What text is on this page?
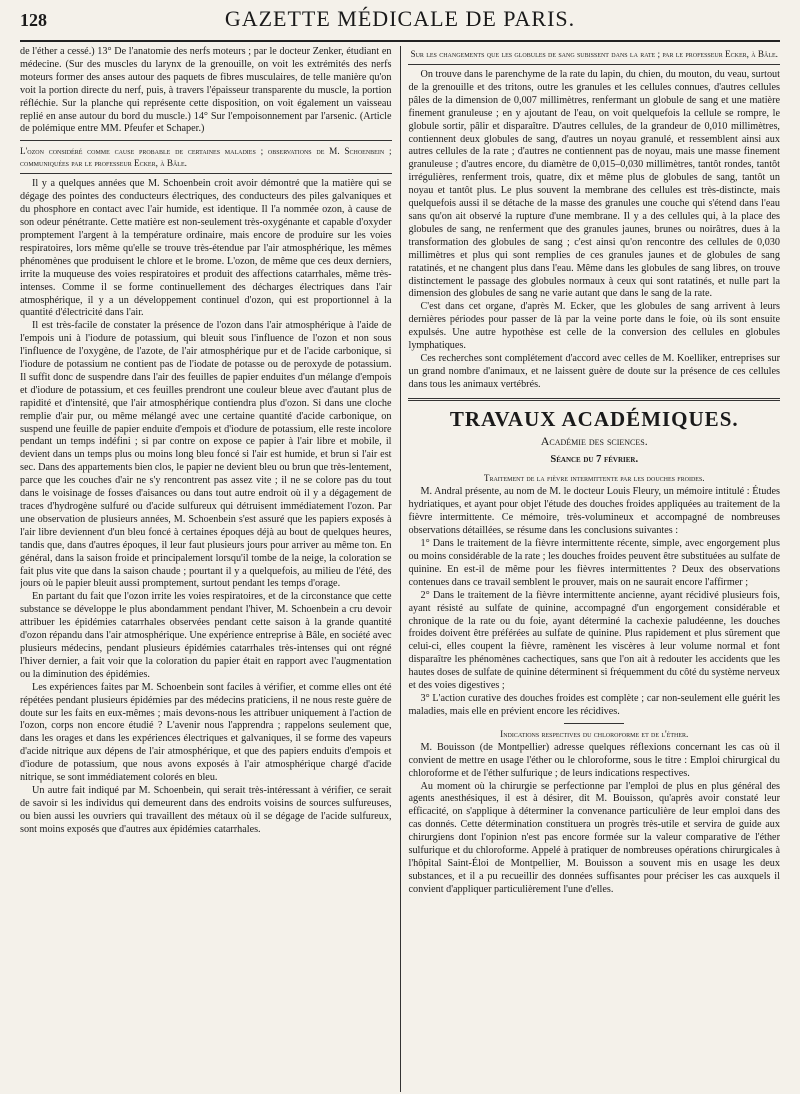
128	GAZETTE MÉDICALE DE PARIS.

de l'éther a cessé.) 13° De l'anatomie des nerfs moteurs ; par le docteur Zenker, étudiant en médecine. (Sur des muscles du larynx de la grenouille, on voit les extrémités des nerfs moteurs former des anses autour des paquets de fibres musculaires, de telle manière qu'on voit la portion directe du nerf, puis, à travers l'épaisseur transparente du muscle, la portion réfléchie. Sur la planche qui représente cette disposition, on voit également un vaisseau replié en anse autour du bord du muscle.) 14° Sur l'empoisonnement par l'arsenic. (Article de polémique entre MM. Pfeufer et Schaper.)

L'ozon considéré comme cause probable de certaines maladies ; observations de M. Schoenbein ; communiquées par le professeur Ecker, à Bâle.

Il y a quelques années que M. Schoenbein croit avoir démontré que la matière qui se dégage des pointes des conducteurs électriques, des conducteurs des piles galvaniques et du phosphore en contact avec l'air humide, est identique. Il l'a nommée ozon, à cause de son odeur pénétrante. Cette matière est non-seulement très-oxygénante et capable d'oxyder promptement l'argent à la température ordinaire, mais encore de produire sur les voies respiratoires, lors même qu'elle se trouve très-étendue par l'air atmosphérique, les mêmes phénomènes que produisent le chlore et le brome. L'ozon, de même que ces deux derniers, irrite la muqueuse des voies respiratoires et produit des affections catarrhales, même très-intenses. Comme il se forme continuellement des décharges électriques dans l'air atmosphérique, il y a un développement continuel d'ozon, qui est proportionnel à la quantité d'électricité dans l'air.

Il est très-facile de constater la présence de l'ozon dans l'air atmosphérique à l'aide de l'empois uni à l'iodure de potassium, qui bleuit sous l'influence de l'ozon et non sous l'influence de l'oxygène, de l'azote, de l'air atmosphérique pur et de l'acide carbonique, si l'iodure de potassium ne contient pas de l'iodate de potasse ou de peroxyde de potassium. Il suffit donc de suspendre dans l'air des feuilles de papier enduites d'un mélange d'empois et d'iodure de potassium, et ces feuilles prendront une couleur bleue avec d'autant plus de rapidité et d'intensité, que l'air atmosphérique contiendra plus d'ozon. Si dans une cloche remplie d'air pur, ou même mélangé avec une certaine quantité d'acide carbonique, on suspend une feuille de papier enduite d'empois et d'iodure de potassium, elle reste incolore pendant un temps indéfini ; si par contre on expose ce papier à l'air libre et mobile, il devient dans un temps plus ou moins long bleu foncé si l'air est humide, et brun si l'air est sec. Dans des appartements bien clos, le papier ne devient bleu ou brun que très-lentement, parce que les couches d'air ne s'y rencontrent pas assez vite ; il ne se colore pas du tout dans le voisinage de fosses d'aisances ou dans tout autre endroit où il y a dégagement de traces d'hydrogène sulfuré ou d'acide sulfureux qui détruisent immédiatement l'ozon. Par une observation de plusieurs années, M. Schoenbein s'est assuré que les papiers exposés à l'air libre deviennent d'un bleu foncé à certaines époques déjà au bout de quelques heures, tandis que, dans d'autres époques, il leur faut plusieurs jours pour arriver au même ton. En général, dans la saison froide et principalement lorsqu'il tombe de la neige, la coloration se fait plus vite que dans la saison chaude ; pourtant il y a quelquefois, au milieu de l'été, des jours où le papier bleuit aussi promptement, surtout pendant les temps d'orage.

En partant du fait que l'ozon irrite les voies respiratoires, et de la circonstance que cette substance se développe le plus abondamment pendant l'hiver, M. Schoenbein a cru devoir attribuer les épidémies catarrhales observées pendant cette saison à la grande quantité d'ozon répandu dans l'air atmosphérique. Une expérience entreprise à Bâle, en société avec plusieurs médecins, pendant plusieurs épidémies catarrhales très-intenses qui ont régné l'hiver dernier, a fait voir que la coloration du papier était en rapport avec l'augmentation ou la diminution des épidémies.

Les expériences faites par M. Schoenbein sont faciles à vérifier, et comme elles ont été répétées pendant plusieurs épidémies par des médecins praticiens, il ne nous reste guère de doute sur les faits en eux-mêmes ; mais devons-nous les attribuer uniquement à l'action de l'ozon, corps non encore étudié ? L'avenir nous l'apprendra ; rappelons seulement que, dans les orages et dans les expériences électriques et galvaniques, il se forme des vapeurs d'acide nitrique aux dépens de l'air atmosphérique, et que des papiers enduits d'empois et d'iodure de potassium, que nous avons exposés à l'air atmosphérique chargé d'acide nitrique, se sont immédiatement colorés en bleu.

Un autre fait indiqué par M. Schoenbein, qui serait très-intéressant à vérifier, ce serait de savoir si les individus qui demeurent dans des endroits voisins de sources sulfureuses, ou bien aussi les ouvriers qui travaillent des métaux où il se dégage de l'acide sulfureux, sont moins exposés que d'autres aux épidémies catarrhales.

Sur les changements que les globules de sang subissent dans la rate ; par le professeur Ecker, à Bâle.

On trouve dans le parenchyme de la rate du lapin, du chien, du mouton, du veau, surtout de la grenouille et des tritons, outre les granules et les cellules connues, d'autres cellules pâles de la dimension de 0,007 millimètres, renfermant un globule de sang et une matière finement granuleuse ; en y ajoutant de l'eau, on voit quelquefois la cellule se rompre, le globule sortir, pâlir et disparaître. D'autres cellules, de la grandeur de 0,010 millimètres, contiennent deux globules de sang, d'autres un noyau granulé, et ressemblent ainsi aux autres cellules de la rate ; d'autres ne contiennent pas de noyau, mais une masse finement granuleuse ; d'autres encore, du diamètre de 0,015–0,030 millimètres, tantôt rondes, tantôt irrégulières, renferment trois, quatre, dix et même plus de globules de sang, tantôt un noyau et tantôt plus. Le plus souvent la membrane des cellules est très-distincte, mais quelquefois aussi il se détache de la masse des granules une couche qui s'étend dans l'eau sans qu'on ait observé la rupture d'une membrane. Il y a des cellules qui, à la place des globules de sang, ne renferment que des granules jaunes, brunes ou noirâtres, dues à la transformation des globules de sang ; c'est ainsi qu'on rencontre des cellules de 0,030 millimètres et plus qui sont remplies de ces granules jaunes et de globules de sang ratatinés, et ne changent plus dans l'eau. Même dans les globules de sang libres, on trouve distinctement le passage des globules normaux à ceux qui sont ratatinés, et nulle part la dimension des globules de sang ne varie autant que dans le sang de la rate.

C'est dans cet organe, d'après M. Ecker, que les globules de sang arrivent à leurs dernières périodes pour passer de là par la veine porte dans le foie, où ils sont ensuite expulsés. Une autre hypothèse est celle de la conversion des cellules en globules lymphatiques.

Ces recherches sont complétement d'accord avec celles de M. Koelliker, entreprises sur un grand nombre d'animaux, et ne laissent guère de doute sur la présence de ces cellules dans tous les animaux vertébrés.

TRAVAUX ACADÉMIQUES.

Académie des sciences.

Séance du 7 février.

Traitement de la fièvre intermittente par les douches froides.

M. Andral présente, au nom de M. le docteur Louis Fleury, un mémoire intitulé : Études hydriatiques, et ayant pour objet l'étude des douches froides appliquées au traitement de la fièvre intermittente. Ce mémoire, très-volumineux et accompagné de nombreuses observations détaillées, se résume dans les conclusions suivantes :

1° Dans le traitement de la fièvre intermittente récente, simple, avec engorgement plus ou moins considérable de la rate ; les douches froides peuvent être substituées au sulfate de quinine. En est-il de même pour les fièvres intermittentes ? Deux des observations contenues dans ce travail semblent le prouver, mais on ne saurait encore l'affirmer ;

2° Dans le traitement de la fièvre intermittente ancienne, ayant récidivé plusieurs fois, ayant résisté au sulfate de quinine, accompagné d'un engorgement considérable et chronique de la rate ou du foie, ayant déterminé la cachexie paludéenne, les douches froides doivent être préférées au sulfate de quinine. Plus rapidement et plus sûrement que celui-ci, elles coupent la fièvre, ramènent les viscères à leur volume normal et font disparaître les phénomènes cachectiques, sans que l'on ait à redouter les accidents que les hautes doses de sulfate de quinine déterminent si fréquemment du côté du système nerveux et des voies digestives ;

3° L'action curative des douches froides est complète ; car non-seulement elle guérit les maladies, mais elle en prévient encore les récidives.

Indications respectives du chloroforme et de l'éther.

M. Bouisson (de Montpellier) adresse quelques réflexions concernant les cas où il convient de mettre en usage l'éther ou le chloroforme, sous le titre : Emploi chirurgical du chloroforme et de l'éther sulfurique ; de leurs indications respectives.

Au moment où la chirurgie se perfectionne par l'emploi de plus en plus général des agents anesthésiques, il est à désirer, dit M. Bouisson, qu'après avoir constaté leur efficacité, on s'applique à déterminer la convenance particulière de leur emploi dans des cas donnés. Cette détermination constituera un progrès très-utile et servira de guide aux chirurgiens dont l'opinion n'est pas encore formée sur la valeur comparative de l'éther sulfurique et du chloroforme. Appelé à pratiquer de nombreuses opérations chirurgicales à l'hôpital Saint-Éloi de Montpellier, M. Bouisson a souvent mis en usage les deux substances, et il a pu recueillir des données suffisantes pour préciser les cas auxquels il convient d'appliquer particulièrement l'une d'elles.
